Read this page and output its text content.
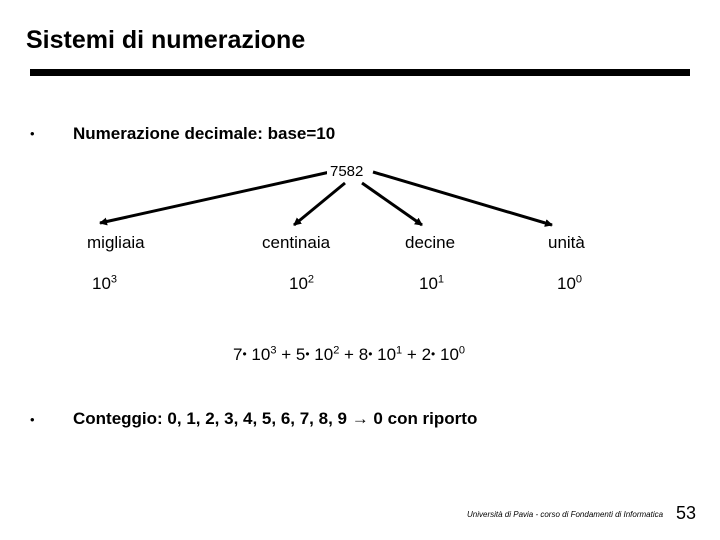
Sistemi di numerazione
• Numerazione decimale: base=10
7582
migliaia	centinaia	decine	unità
$10^3$	$10^2$	$10^1$	$10^0$
7• $10^3$ + 5• $10^2$ + 8• $10^1$ + 2• $10^0$
• Conteggio: 0, 1, 2, 3, 4, 5, 6, 7, 8, 9 → 0 con riporto
Università di Pavia - corso di Fondamenti di Informatica 53
